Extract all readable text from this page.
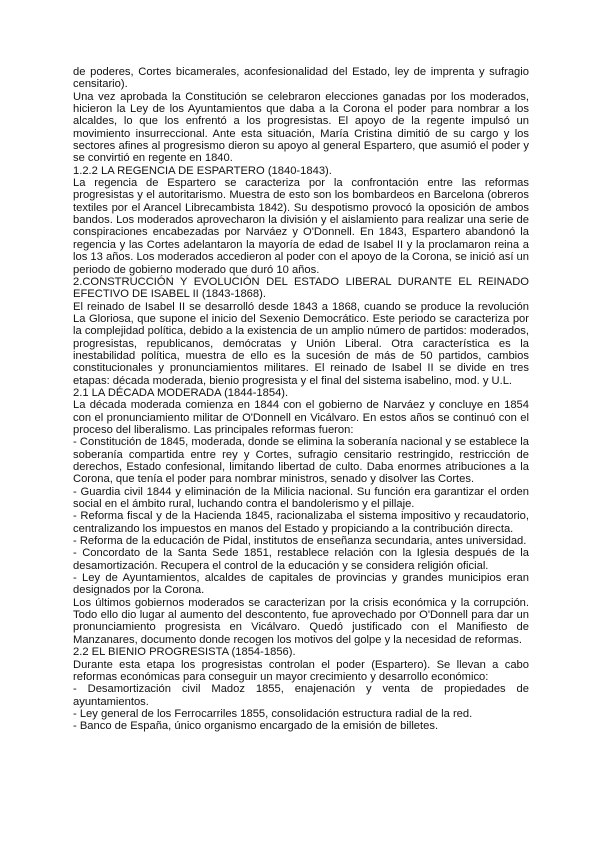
de poderes, Cortes bicamerales, aconfesionalidad del Estado, ley de imprenta y sufragio censitario).

Una vez aprobada la Constitución se celebraron elecciones ganadas por los moderados, hicieron la Ley de los Ayuntamientos que daba a la Corona el poder para nombrar a los alcaldes, lo que los enfrentó a los progresistas. El apoyo de la regente impulsó un movimiento insurreccional. Ante esta situación, María Cristina dimitió de su cargo y los sectores afines al progresismo dieron su apoyo al general Espartero, que asumió el poder y se convirtió en regente en 1840.

1.2.2 LA REGENCIA DE ESPARTERO (1840-1843).

La regencia de Espartero se caracteriza por la confrontación entre las reformas progresistas y el autoritarismo. Muestra de esto son los bombardeos en Barcelona (obreros textiles por el Arancel Librecambista 1842). Su despotismo provocó la oposición de ambos bandos. Los moderados aprovecharon la división y el aislamiento para realizar una serie de conspiraciones encabezadas por Narváez y O'Donnell. En 1843, Espartero abandonó la regencia y las Cortes adelantaron la mayoría de edad de Isabel II y la proclamaron reina a los 13 años. Los moderados accedieron al poder con el apoyo de la Corona, se inició así un periodo de gobierno moderado que duró 10 años.

2.CONSTRUCCIÓN Y EVOLUCIÓN DEL ESTADO LIBERAL DURANTE EL REINADO EFECTIVO DE ISABEL II (1843-1868).

El reinado de Isabel II se desarrolló desde 1843 a 1868, cuando se produce la revolución La Gloriosa, que supone el inicio del Sexenio Democrático. Este periodo se caracteriza por la complejidad política, debido a la existencia de un amplio número de partidos: moderados, progresistas, republicanos, demócratas y Unión Liberal. Otra característica es la inestabilidad política, muestra de ello es la sucesión de más de 50 partidos, cambios constitucionales y pronunciamientos militares. El reinado de Isabel II se divide en tres etapas: década moderada, bienio progresista y el final del sistema isabelino, mod. y U.L.

2.1 LA DÉCADA MODERADA (1844-1854).

La década moderada comienza en 1844 con el gobierno de Narváez y concluye en 1854 con el pronunciamiento militar de O'Donnell en Vicálvaro. En estos años se continuó con el proceso del liberalismo. Las principales reformas fueron:

- Constitución de 1845, moderada, donde se elimina la soberanía nacional y se establece la soberanía compartida entre rey y Cortes, sufragio censitario restringido, restricción de derechos, Estado confesional, limitando libertad de culto. Daba enormes atribuciones a la Corona, que tenía el poder para nombrar ministros, senado y disolver las Cortes.

- Guardia civil 1844 y eliminación de la Milicia nacional. Su función era garantizar el orden social en el ámbito rural, luchando contra el bandolerismo y el pillaje.

- Reforma fiscal y de la Hacienda 1845, racionalizaba el sistema impositivo y recaudatorio, centralizando los impuestos en manos del Estado y propiciando a la contribución directa.

- Reforma de la educación de Pidal, institutos de enseñanza secundaria, antes universidad.

- Concordato de la Santa Sede 1851, restablece relación con la Iglesia después de la desamortización. Recupera el control de la educación y se considera religión oficial.

- Ley de Ayuntamientos, alcaldes de capitales de provincias y grandes municipios eran designados por la Corona.

Los últimos gobiernos moderados se caracterizan por la crisis económica y la corrupción. Todo ello dio lugar al aumento del descontento, fue aprovechado por O'Donnell para dar un pronunciamiento progresista en Vicálvaro. Quedó justificado con el Manifiesto de Manzanares, documento donde recogen los motivos del golpe y la necesidad de reformas.

2.2 EL BIENIO PROGRESISTA (1854-1856).

Durante esta etapa los progresistas controlan el poder (Espartero). Se llevan a cabo reformas económicas para conseguir un mayor crecimiento y desarrollo económico:

- Desamortización civil Madoz 1855, enajenación y venta de propiedades de ayuntamientos.

- Ley general de los Ferrocarriles 1855, consolidación estructura radial de la red.

- Banco de España, único organismo encargado de la emisión de billetes.
